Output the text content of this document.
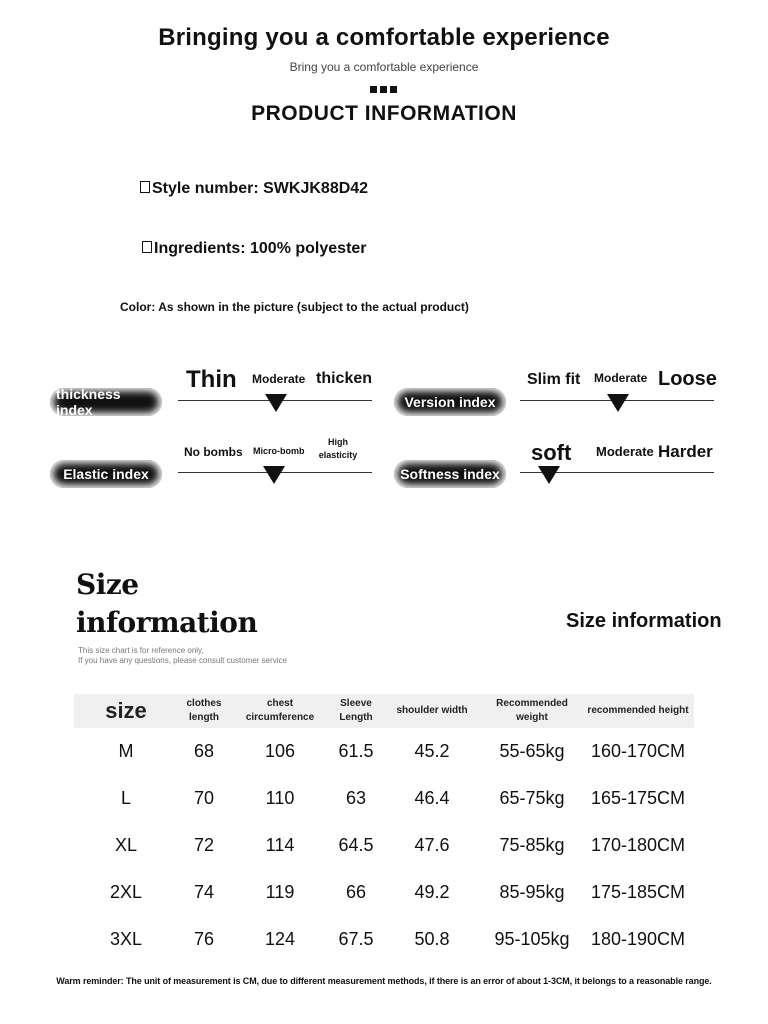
Bringing you a comfortable experience
Bring you a comfortable experience
PRODUCT INFORMATION
Style number: SWKJK88D42
Ingredients: 100% polyester
Color: As shown in the picture (subject to the actual product)
thickness index
Thin Moderate thicken
Version index
Slim fit Moderate Loose
Elastic index
No bombs Micro-bomb
High elasticity
Softness index
soft Moderate Harder
Size
information
This size chart is for reference only,
If you have any questions, please consult customer service
Size information
size	clothes length	chest circumference	Sleeve Length	shoulder width	Recommended weight	recommended height
M	68	106	61.5	45.2	55-65kg	160-170CM
L	70	110	63	46.4	65-75kg	165-175CM
XL	72	114	64.5	47.6	75-85kg	170-180CM
2XL	74	119	66	49.2	85-95kg	175-185CM
3XL	76	124	67.5	50.8	95-105kg	180-190CM
Warm reminder: The unit of measurement is CM, due to different measurement methods, if there is an error of about 1-3CM, it belongs to a reasonable range.
